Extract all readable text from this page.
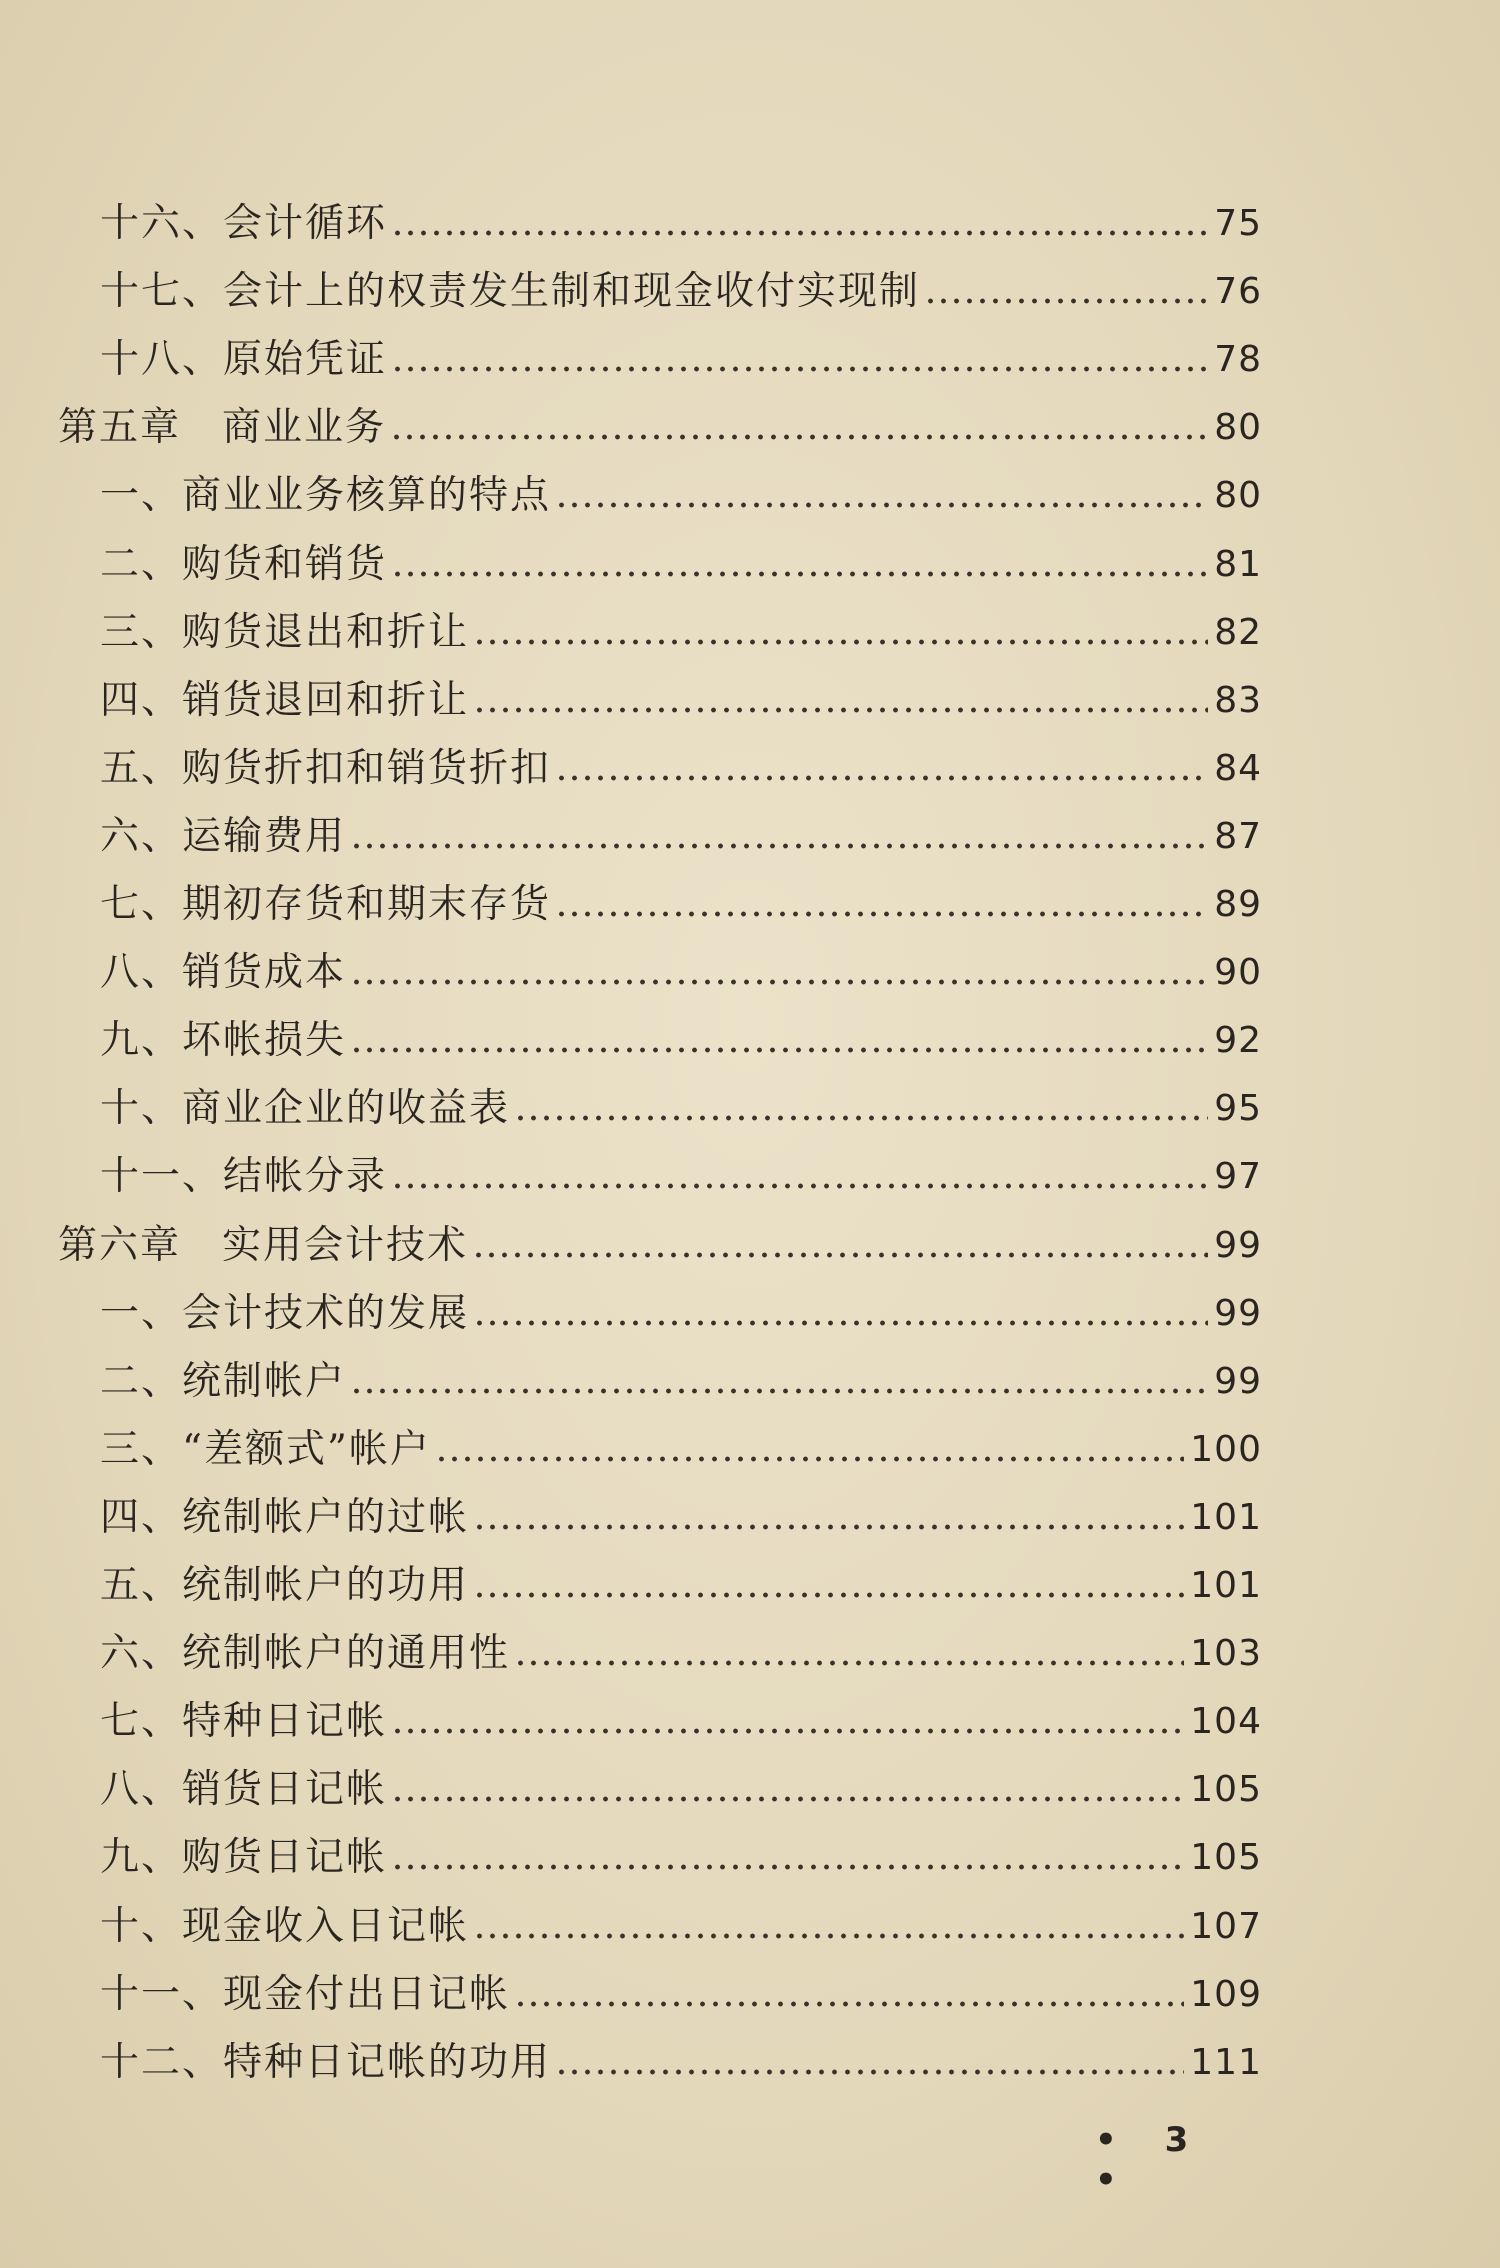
十六、会计循环	75
十七、会计上的权责发生制和现金收付实现制	76
十八、原始凭证	78
第五章　商业业务	80
一、商业业务核算的特点	80
二、购货和销货	81
三、购货退出和折让	82
四、销货退回和折让	83
五、购货折扣和销货折扣	84
六、运输费用	87
七、期初存货和期末存货	89
八、销货成本	90
九、坏帐损失	92
十、商业企业的收益表	95
十一、结帐分录	97
第六章　实用会计技术	99
一、会计技术的发展	99
二、统制帐户	99
三、“差额式”帐户	100
四、统制帐户的过帐	101
五、统制帐户的功用	101
六、统制帐户的通用性	103
七、特种日记帐	104
八、销货日记帐	105
九、购货日记帐	105
十、现金收入日记帐	107
十一、现金付出日记帐	109
十二、特种日记帐的功用	111
• 3 •
